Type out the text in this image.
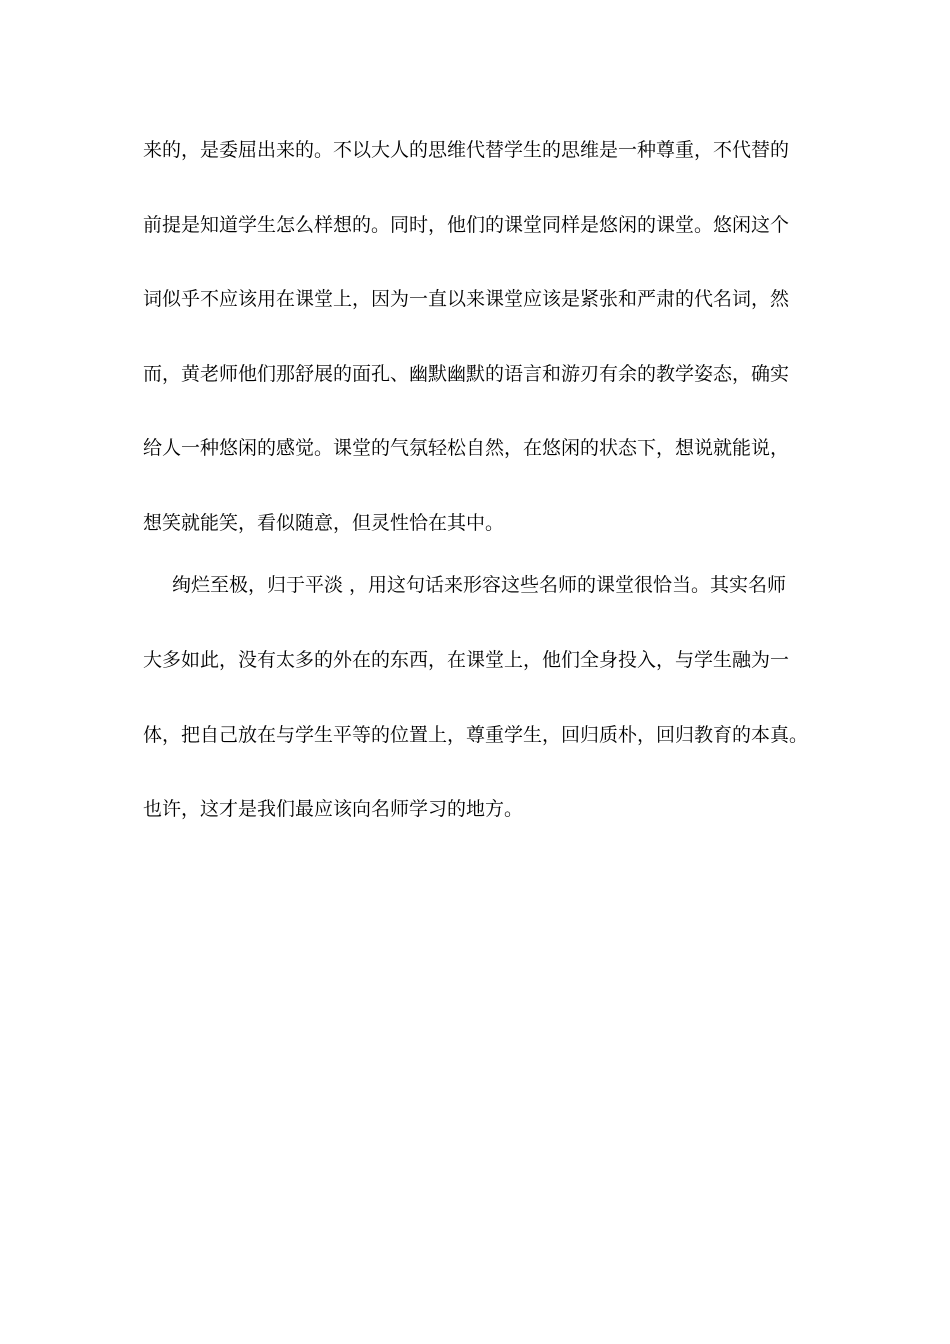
来的，是委屈出来的。不以大人的思维代替学生的思维是一种尊重，不代替的
前提是知道学生怎么样想的。同时，他们的课堂同样是悠闲的课堂。悠闲这个
词似乎不应该用在课堂上，因为一直以来课堂应该是紧张和严肃的代名词，然
而，黄老师他们那舒展的面孔、幽默幽默的语言和游刃有余的教学姿态，确实
给人一种悠闲的感觉。课堂的气氛轻松自然，在悠闲的状态下，想说就能说，
想笑就能笑，看似随意，但灵性恰在其中。
绚烂至极，归于平淡 ，用这句话来形容这些名师的课堂很恰当。其实名师
大多如此，没有太多的外在的东西，在课堂上，他们全身投入，与学生融为一
体，把自己放在与学生平等的位置上，尊重学生，回归质朴，回归教育的本真。
也许，这才是我们最应该向名师学习的地方。
